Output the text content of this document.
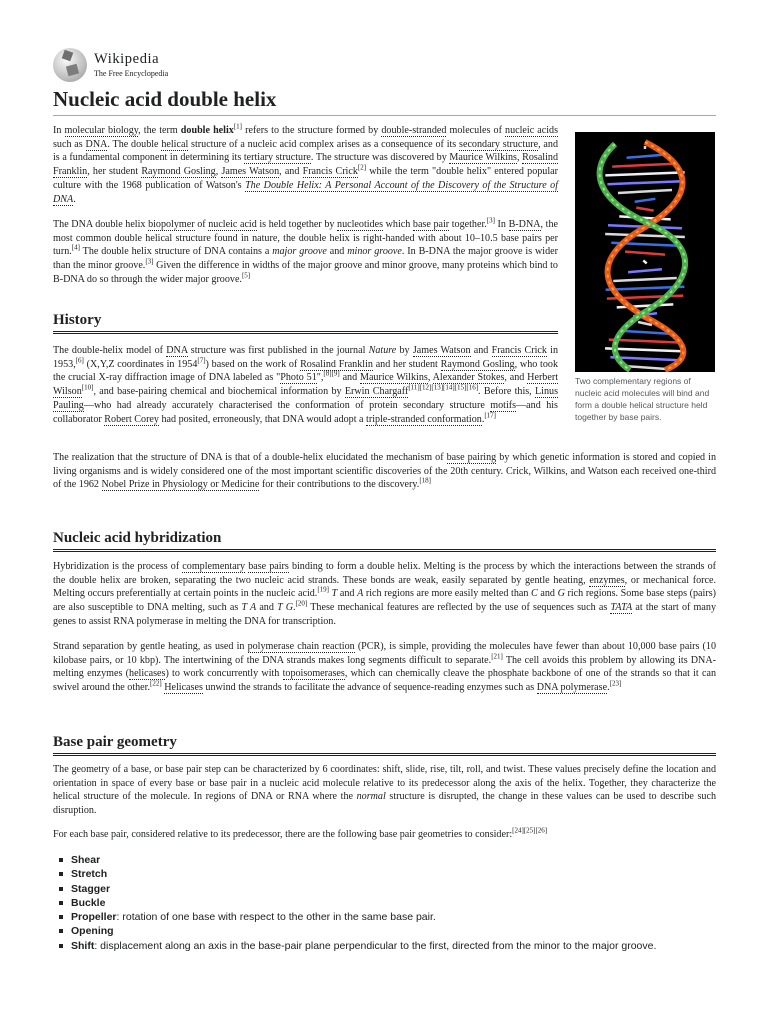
Wikipedia
The Free Encyclopedia
Nucleic acid double helix
Two complementary regions of nucleic acid molecules will bind and form a double helical structure held together by base pairs.

In molecular biology, the term double helix[1] refers to the structure formed by double-stranded molecules of nucleic acids such as DNA. The double helical structure of a nucleic acid complex arises as a consequence of its secondary structure, and is a fundamental component in determining its tertiary structure. The structure was discovered by Maurice Wilkins, Rosalind Franklin, her student Raymond Gosling, James Watson, and Francis Crick[2] while the term "double helix" entered popular culture with the 1968 publication of Watson's The Double Helix: A Personal Account of the Discovery of the Structure of DNA.

The DNA double helix biopolymer of nucleic acid is held together by nucleotides which base pair together.[3] In B-DNA, the most common double helical structure found in nature, the double helix is right-handed with about 10–10.5 base pairs per turn.[4] The double helix structure of DNA contains a major groove and minor groove. In B-DNA the major groove is wider than the minor groove.[3] Given the difference in widths of the major groove and minor groove, many proteins which bind to B-DNA do so through the wider major groove.[5]

History

The double-helix model of DNA structure was first published in the journal Nature by James Watson and Francis Crick in 1953,[6] (X,Y,Z coordinates in 1954[7]) based on the work of Rosalind Franklin and her student Raymond Gosling, who took the crucial X-ray diffraction image of DNA labeled as "Photo 51",[8][9] and Maurice Wilkins, Alexander Stokes, and Herbert Wilson[10], and base-pairing chemical and biochemical information by Erwin Chargaff[11][12][13][14][15][16]. Before this, Linus Pauling—who had already accurately characterised the conformation of protein secondary structure motifs—and his collaborator Robert Corey had posited, erroneously, that DNA would adopt a triple-stranded conformation.[17]

The realization that the structure of DNA is that of a double-helix elucidated the mechanism of base pairing by which genetic information is stored and copied in living organisms and is widely considered one of the most important scientific discoveries of the 20th century. Crick, Wilkins, and Watson each received one-third of the 1962 Nobel Prize in Physiology or Medicine for their contributions to the discovery.[18]

Nucleic acid hybridization

Hybridization is the process of complementary base pairs binding to form a double helix. Melting is the process by which the interactions between the strands of the double helix are broken, separating the two nucleic acid strands. These bonds are weak, easily separated by gentle heating, enzymes, or mechanical force. Melting occurs preferentially at certain points in the nucleic acid.[19] T and A rich regions are more easily melted than C and G rich regions. Some base steps (pairs) are also susceptible to DNA melting, such as T A and T G.[20] These mechanical features are reflected by the use of sequences such as TATA at the start of many genes to assist RNA polymerase in melting the DNA for transcription.

Strand separation by gentle heating, as used in polymerase chain reaction (PCR), is simple, providing the molecules have fewer than about 10,000 base pairs (10 kilobase pairs, or 10 kbp). The intertwining of the DNA strands makes long segments difficult to separate.[21] The cell avoids this problem by allowing its DNA-melting enzymes (helicases) to work concurrently with topoisomerases, which can chemically cleave the phosphate backbone of one of the strands so that it can swivel around the other.[22] Helicases unwind the strands to facilitate the advance of sequence-reading enzymes such as DNA polymerase.[23]

Base pair geometry

The geometry of a base, or base pair step can be characterized by 6 coordinates: shift, slide, rise, tilt, roll, and twist. These values precisely define the location and orientation in space of every base or base pair in a nucleic acid molecule relative to its predecessor along the axis of the helix. Together, they characterize the helical structure of the molecule. In regions of DNA or RNA where the normal structure is disrupted, the change in these values can be used to describe such disruption.

For each base pair, considered relative to its predecessor, there are the following base pair geometries to consider:[24][25][26]

Shear
Stretch
Stagger
Buckle
Propeller: rotation of one base with respect to the other in the same base pair.
Opening
Shift: displacement along an axis in the base-pair plane perpendicular to the first, directed from the minor to the major groove.
